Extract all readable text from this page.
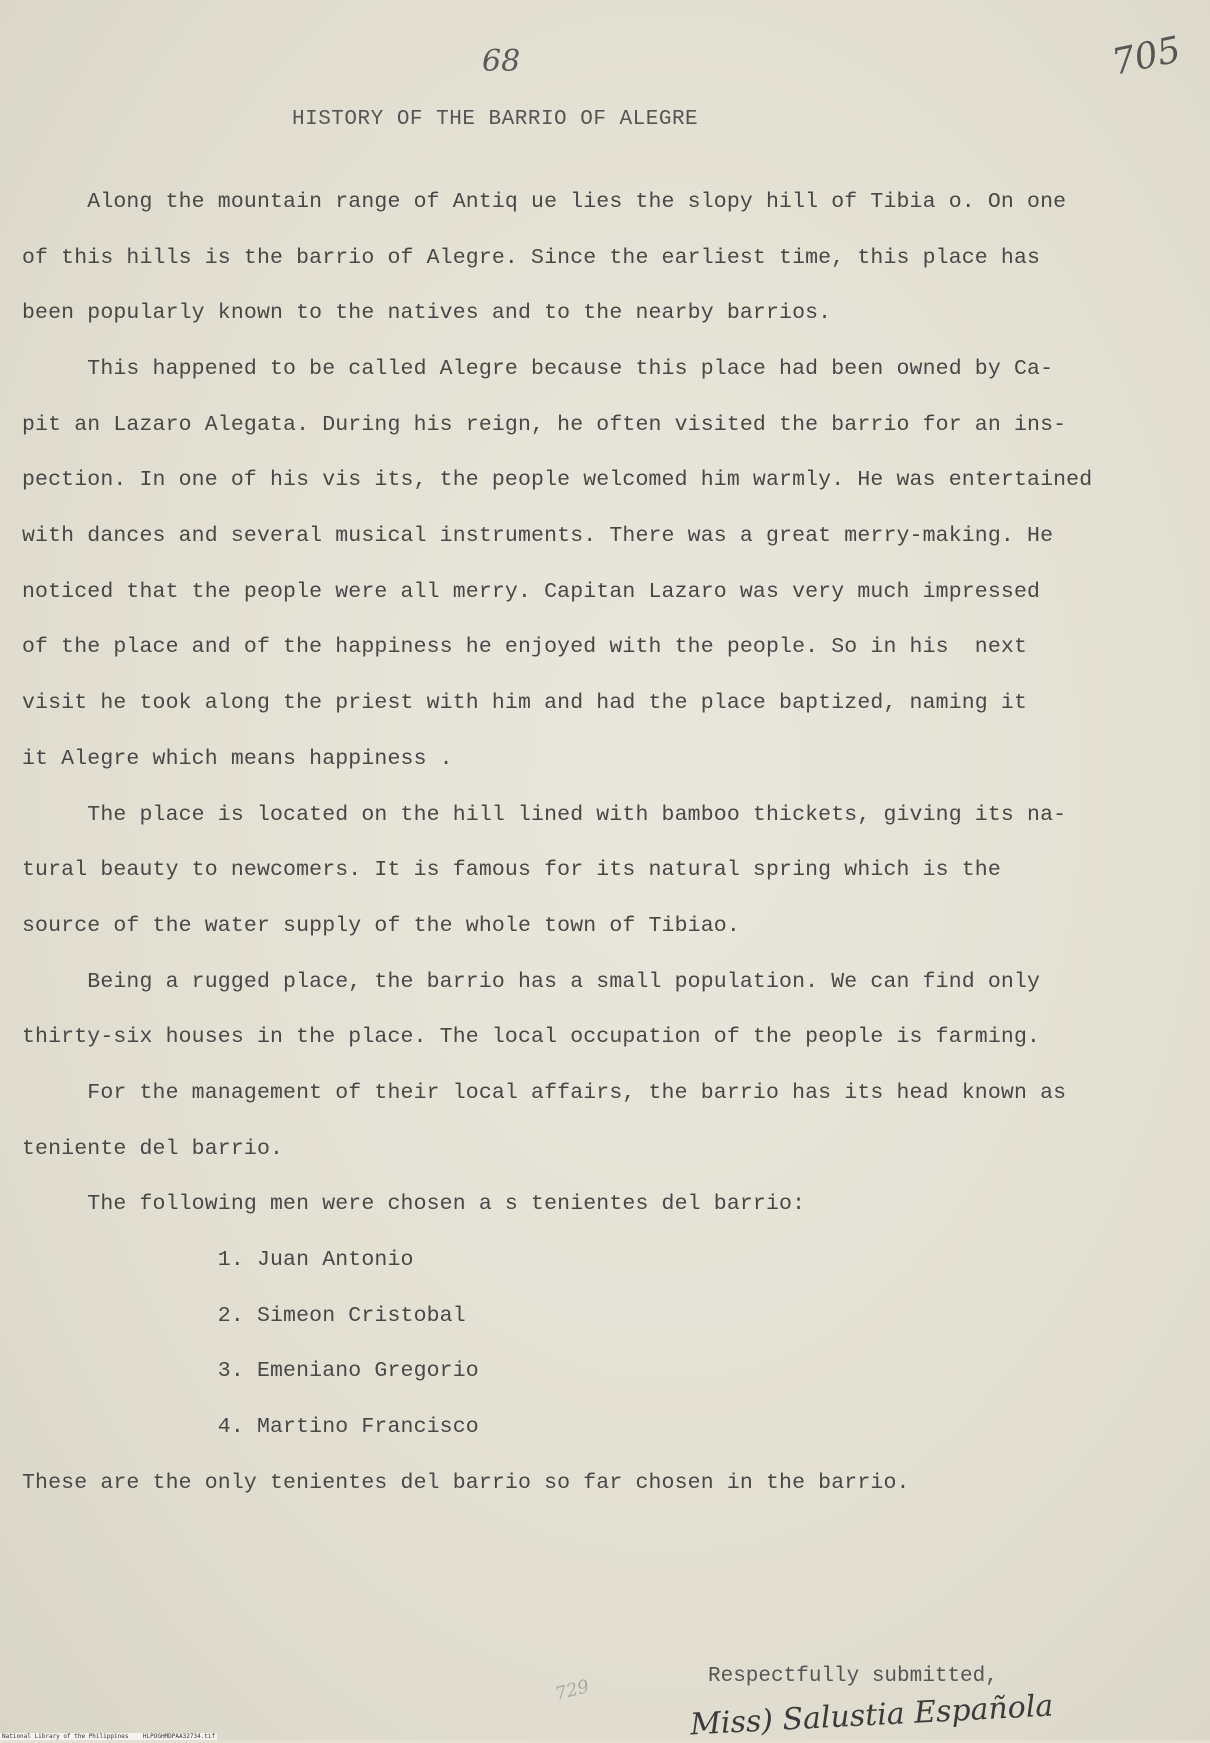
68	705
HISTORY OF THE BARRIO OF ALEGRE
Along the mountain range of Antiq ue lies the slopy hill of Tibia o. On one
of this hills is the barrio of Alegre. Since the earliest time, this place has
been popularly known to the natives and to the nearby barrios.
This happened to be called Alegre because this place had been owned by Ca-
pit an Lazaro Alegata. During his reign, he often visited the barrio for an ins-
pection. In one of his vis its, the people welcomed him warmly. He was entertained
with dances and several musical instruments. There was a great merry-making. He
noticed that the people were all merry. Capitan Lazaro was very much impressed
of the place and of the happiness he enjoyed with the people. So in his  next
visit he took along the priest with him and had the place baptized, naming it
it Alegre which means happiness .
The place is located on the hill lined with bamboo thickets, giving its na-
tural beauty to newcomers. It is famous for its natural spring which is the
source of the water supply of the whole town of Tibiao.
Being a rugged place, the barrio has a small population. We can find only
thirty-six houses in the place. The local occupation of the people is farming.
For the management of their local affairs, the barrio has its head known as
teniente del barrio.
The following men were chosen a s tenientes del barrio:
1. Juan Antonio
2. Simeon Cristobal
3. Emeniano Gregorio
4. Martino Francisco
These are the only tenientes del barrio so far chosen in the barrio.
729	Respectfully submitted,
Miss) Salustia Española
National Library of the Philippines    HLPOGHMDPAA32734.tif
